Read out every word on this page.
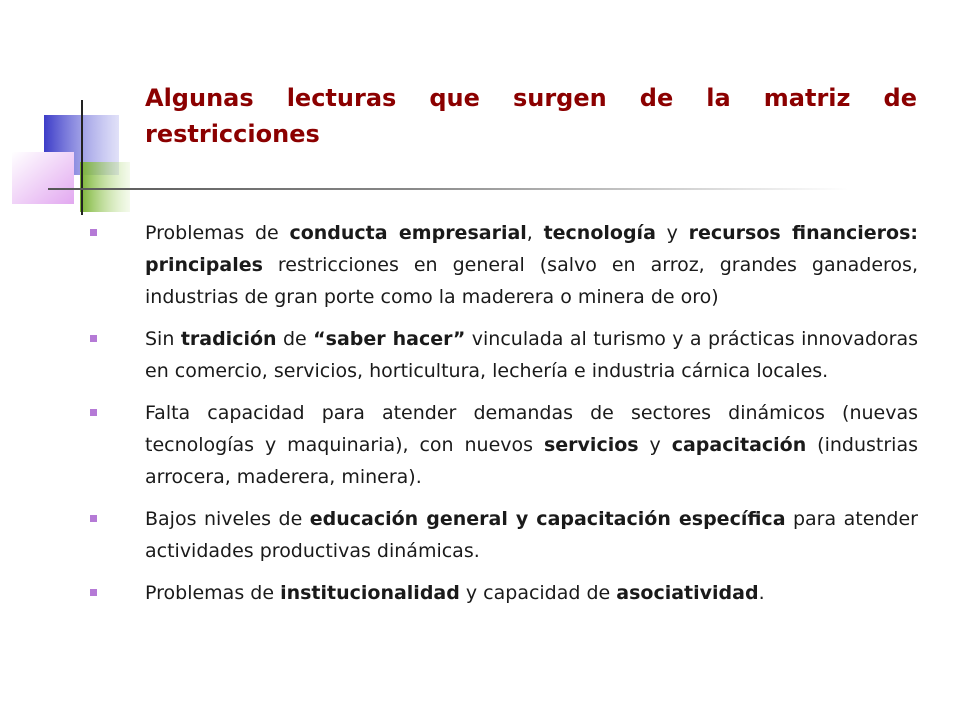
Algunas lecturas que surgen de la matriz de restricciones
Problemas de conducta empresarial, tecnología y recursos financieros: principales restricciones en general (salvo en arroz, grandes ganaderos, industrias de gran porte como la maderera o minera de oro)
Sin tradición de “saber hacer” vinculada al turismo y a prácticas innovadoras en comercio, servicios, horticultura, lechería e industria cárnica locales.
Falta capacidad para atender demandas de sectores dinámicos (nuevas tecnologías y maquinaria), con nuevos servicios y capacitación (industrias arrocera, maderera, minera).
Bajos niveles de educación general y capacitación específica para atender actividades productivas dinámicas.
Problemas de institucionalidad y capacidad de asociatividad.
